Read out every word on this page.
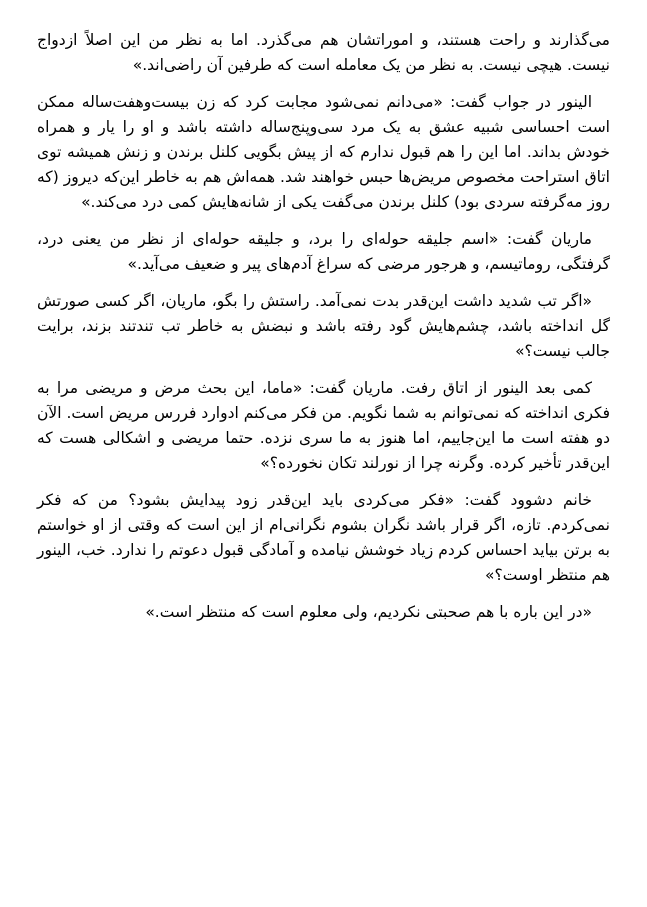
می‌گذارند و راحت هستند، و اموراتشان هم می‌گذرد. اما به نظر من این اصلاً ازدواج نیست. هیچی نیست. به نظر من یک معامله است که طرفین آن راضی‌اند.»

الینور در جواب گفت: «می‌دانم نمی‌شود مجابت کرد که زن بیست‌وهفت‌ساله ممکن است احساسی شبیه عشق به یک مرد سی‌وپنج‌ساله داشته باشد و او را یار و همراه خودش بداند. اما این را هم قبول ندارم که از پیش بگویی کلنل برندن و زنش همیشه توی اتاق استراحت مخصوص مریض‌ها حبس خواهند شد. همه‌اش هم به خاطر این‌که دیروز (که روز مه‌گرفته سردی بود) کلنل برندن می‌گفت یکی از شانه‌هایش کمی درد می‌کند.»

ماریان گفت: «اسم جلیقه حوله‌ای را برد، و جلیقه حوله‌ای از نظر من یعنی درد، گرفتگی، روماتیسم، و هرجور مرضی که سراغ آدم‌های پیر و ضعیف می‌آید.»

«اگر تب شدید داشت این‌قدر بدت نمی‌آمد. راستش را بگو، ماریان، اگر کسی صورتش گل انداخته باشد، چشم‌هایش گود رفته باشد و نبضش به خاطر تب تندتند بزند، برایت جالب نیست؟»

کمی بعد الینور از اتاق رفت. ماریان گفت: «ماما، این بحث مرض و مریضی مرا به فکری انداخته که نمی‌توانم به شما نگویم. من فکر می‌کنم ادوارد فررس مریض است. الآن دو هفته است ما این‌جاییم، اما هنوز به ما سری نزده. حتما مریضی و اشکالی هست که این‌قدر تأخیر کرده. وگرنه چرا از نورلند تکان نخورده؟»

خانم دشوود گفت: «فکر می‌کردی باید این‌قدر زود پیدایش بشود؟ من که فکر نمی‌کردم. تازه، اگر قرار باشد نگران بشوم نگرانی‌ام از این است که وقتی از او خواستم به برتن بیاید احساس کردم زیاد خوشش نیامده و آمادگی قبول دعوتم را ندارد. خب، الینور هم منتظر اوست؟»

«در این باره با هم صحبتی نکردیم، ولی معلوم است که منتظر است.»
